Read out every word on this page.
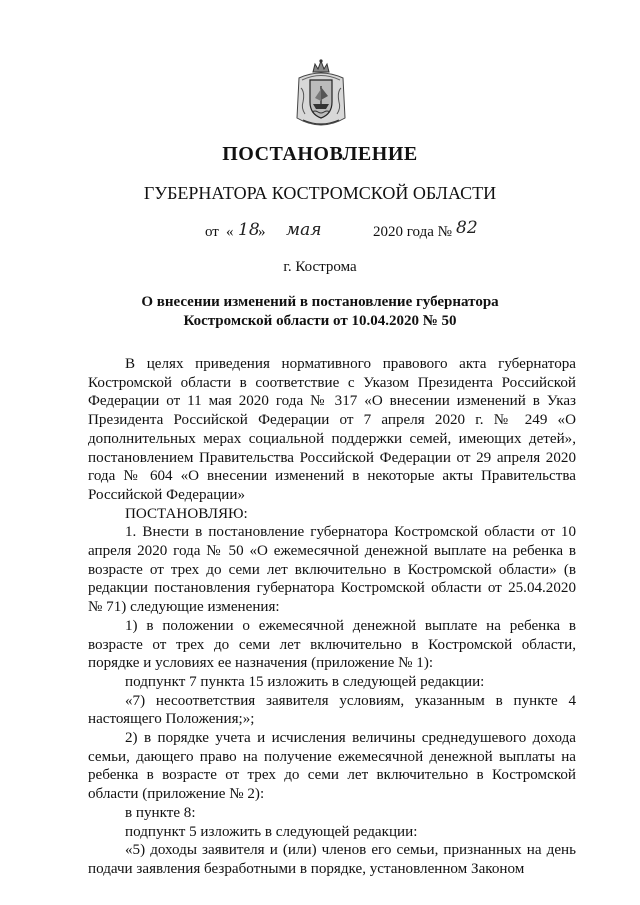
ПОСТАНОВЛЕНИЕ
ГУБЕРНАТОРА КОСТРОМСКОЙ ОБЛАСТИ
от « 18
» мая	2020 года № 82
г. Кострома
О внесении изменений в постановление губернатора Костромской области от 10.04.2020 № 50

В целях приведения нормативного правового акта губернатора Костромской области в соответствие с Указом Президента Российской Федерации от 11 мая 2020 года № 317 «О внесении изменений в Указ Президента Российской Федерации от 7 апреля 2020 г. № 249 «О дополнительных мерах социальной поддержки семей, имеющих детей», постановлением Правительства Российской Федерации от 29 апреля 2020 года № 604 «О внесении изменений в некоторые акты Правительства Российской Федерации»

ПОСТАНОВЛЯЮ:

1. Внести в постановление губернатора Костромской области от 10 апреля 2020 года № 50 «О ежемесячной денежной выплате на ребенка в возрасте от трех до семи лет включительно в Костромской области» (в редакции постановления губернатора Костромской области от 25.04.2020 № 71) следующие изменения:

1) в положении о ежемесячной денежной выплате на ребенка в возрасте от трех до семи лет включительно в Костромской области, порядке и условиях ее назначения (приложение № 1):

подпункт 7 пункта 15 изложить в следующей редакции:

«7) несоответствия заявителя условиям, указанным в пункте 4 настоящего Положения;»;

2) в порядке учета и исчисления величины среднедушевого дохода семьи, дающего право на получение ежемесячной денежной выплаты на ребенка в возрасте от трех до семи лет включительно в Костромской области (приложение № 2):

в пункте 8:

подпункт 5 изложить в следующей редакции:

«5) доходы заявителя и (или) членов его семьи, признанных на день подачи заявления безработными в порядке, установленном Законом
